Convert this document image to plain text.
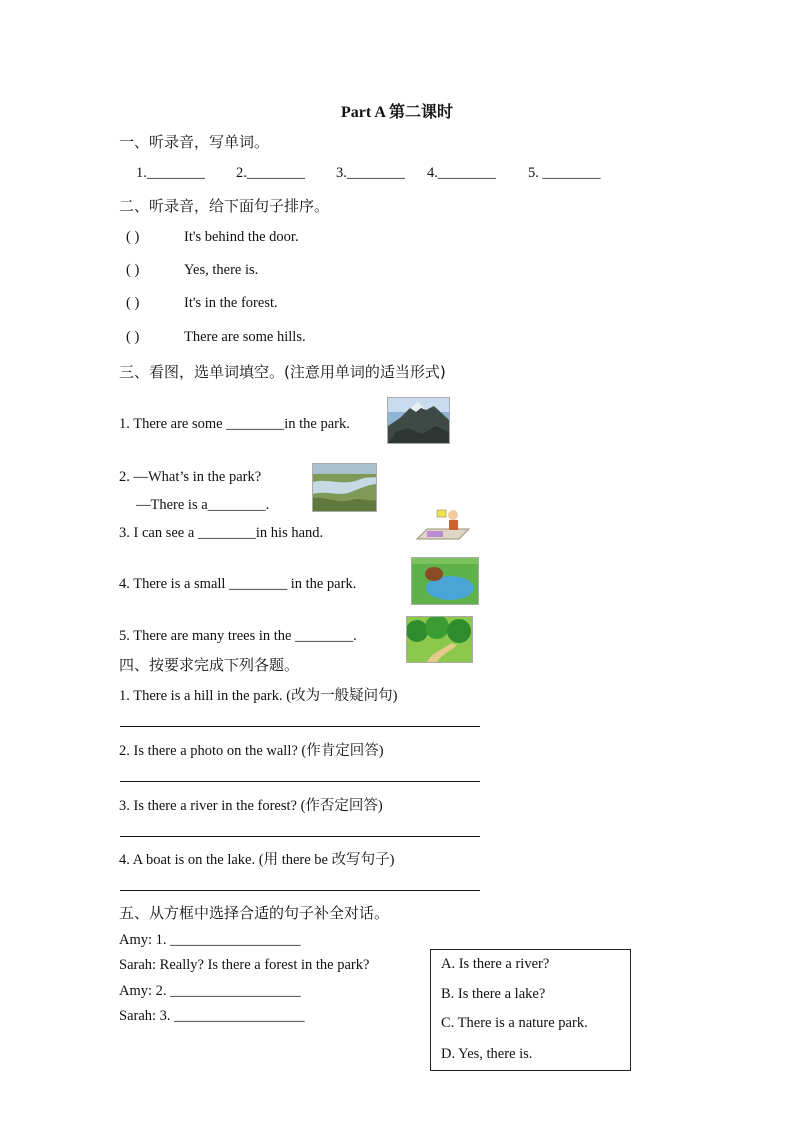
Part A 第二课时
一、听录音，写单词。
1.________ 2.________ 3.________ 4.________ 5. ________
二、听录音，给下面句子排序。
( )	It's behind the door.
( )	Yes, there is.
( )	It's in the forest.
( )	There are some hills.
三、看图，选单词填空。(注意用单词的适当形式)
1. There are some ________in the park.
2. —What’s in the park?
—There is a________.
3. I can see a ________in his hand.
4. There is a small ________ in the park.
5. There are many trees in the ________.
四、按要求完成下列各题。
1. There is a hill in the park. (改为一般疑问句)
2. Is there a photo on the wall? (作肯定回答)
3. Is there a river in the forest? (作否定回答)
4. A boat is on the lake. (用 there be 改写句子)
五、从方框中选择合适的句子补全对话。
Amy: 1. __________________
Sarah: Really? Is there a forest in the park?
Amy: 2. __________________
Sarah: 3. __________________
A. Is there a river?
B. Is there a lake?
C. There is a nature park.
D. Yes, there is.
